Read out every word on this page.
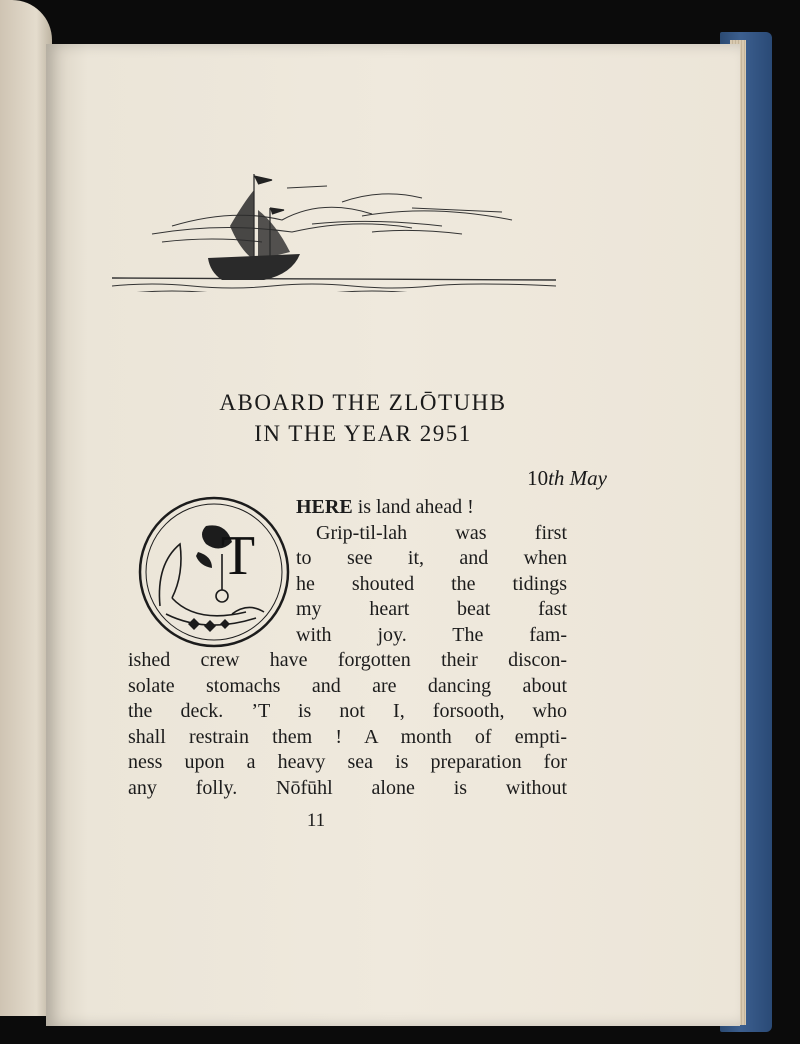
ABOARD THE ZLŌTUHB
IN THE YEAR 2951
10th May
T
HERE is land ahead !
Grip-til-lah was first
to see it, and when
he shouted the tidings
my heart beat fast
with joy. The fam-
ished crew have forgotten their discon-
solate stomachs and are dancing about
the deck. ’T is not I, forsooth, who
shall restrain them ! A month of empti-
ness upon a heavy sea is preparation for
any folly. Nōfūhl alone is without
11
